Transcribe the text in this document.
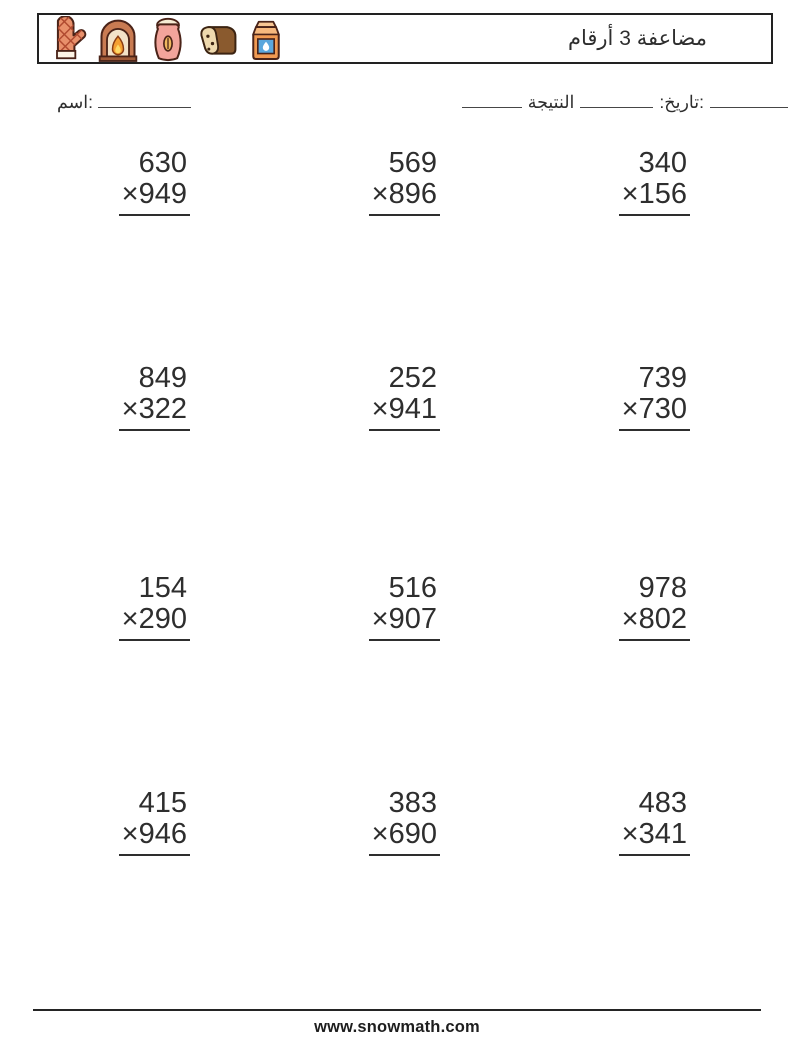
مضاعفة 3 أرقام
اسم:	النتيجة	:تاريخ:
630
×949
569
×896
340
×156
849
×322
252
×941
739
×730
154
×290
516
×907
978
×802
415
×946
383
×690
483
×341
www.snowmath.com
